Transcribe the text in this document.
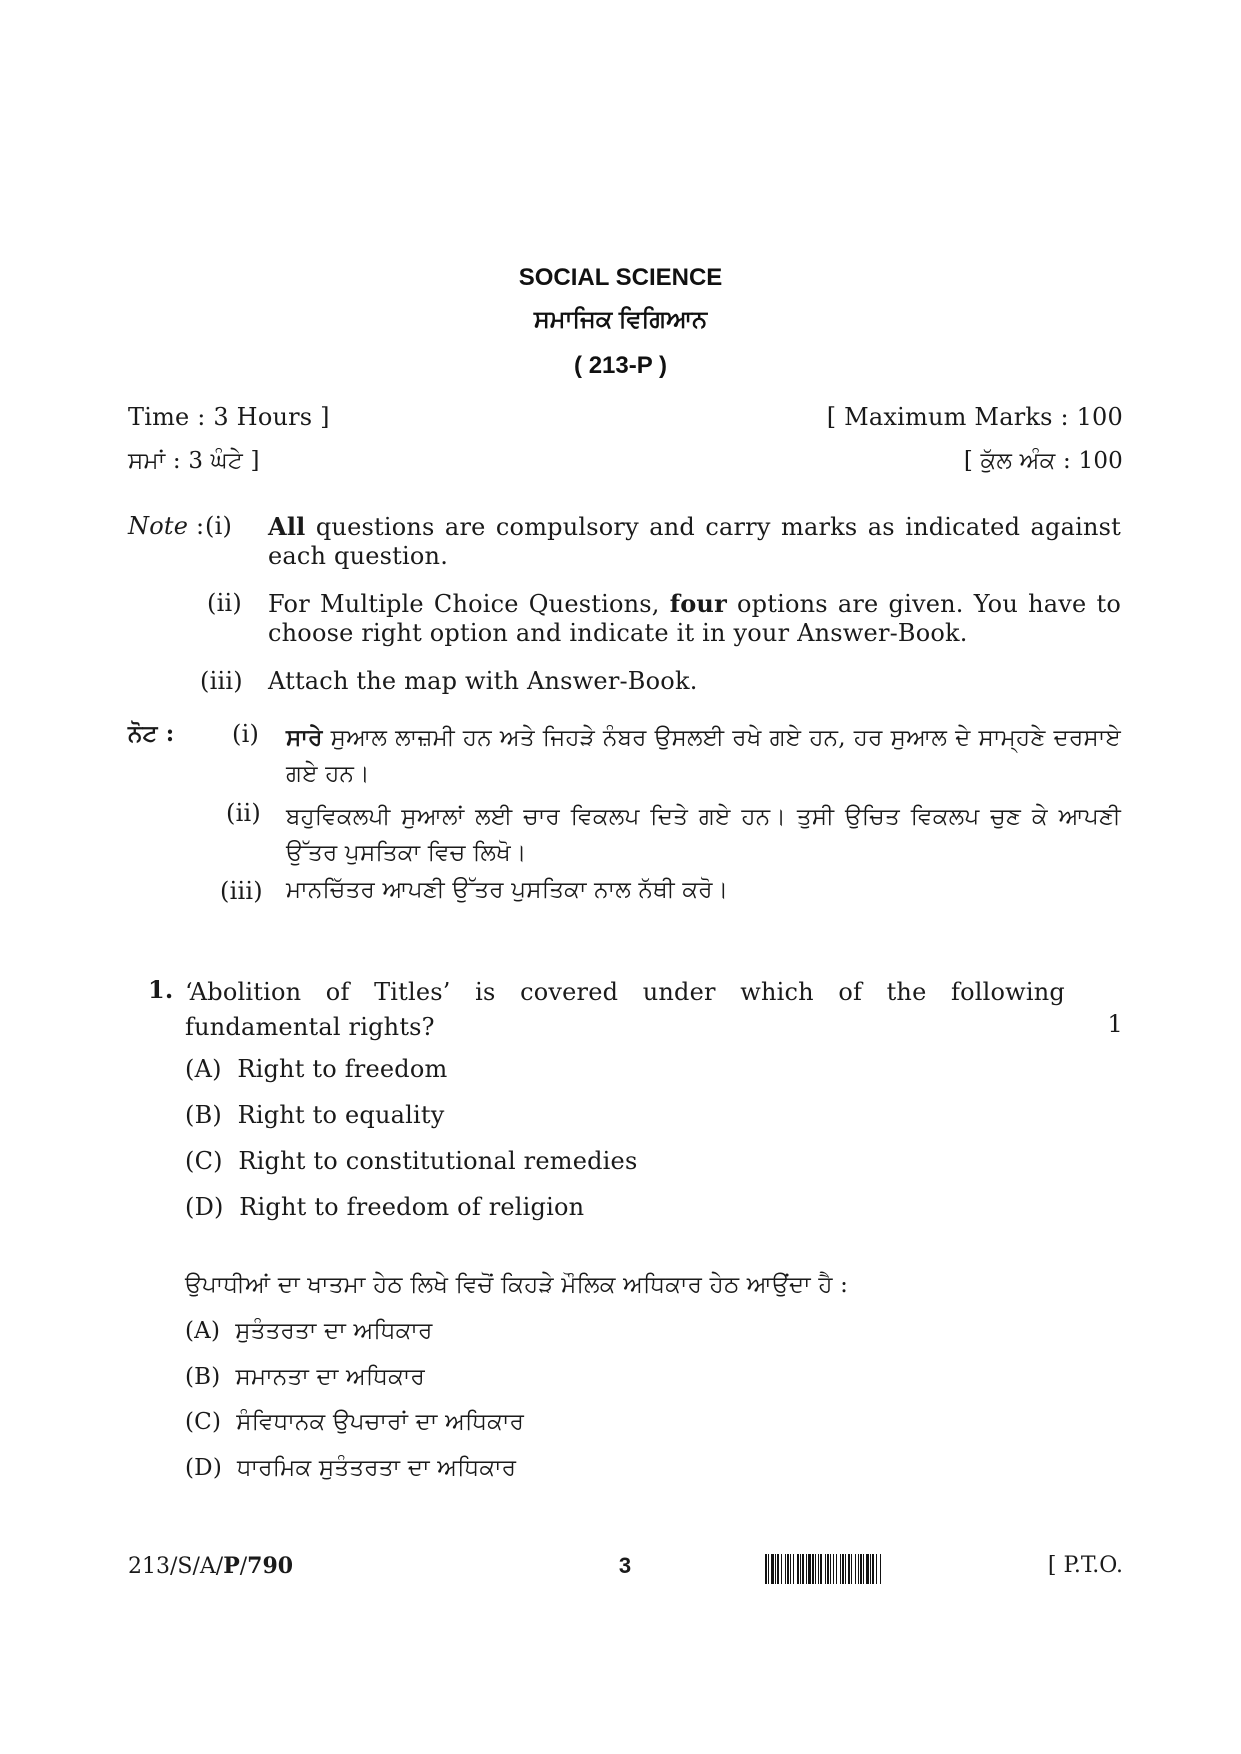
SOCIAL SCIENCE
ਸਮਾਜਿਕ ਵਿਗਿਆਨ
( 213-P )
Time : 3 Hours ]	[ Maximum Marks : 100
ਸਮਾਂ : 3 ਘੰਟੇ ]	[ ਕੁੱਲ ਅੰਕ : 100
Note : (i) All questions are compulsory and carry marks as indicated against each question.
(ii) For Multiple Choice Questions, four options are given. You have to choose right option and indicate it in your Answer-Book.
(iii) Attach the map with Answer-Book.
ਨੋਟ : (i) ਸਾਰੇ ਸੁਆਲ ਲਾਜ਼ਮੀ ਹਨ ਅਤੇ ਜਿਹੜੇ ਨੰਬਰ ਉਸਲਈ ਰਖੇ ਗਏ ਹਨ, ਹਰ ਸੁਆਲ ਦੇ ਸਾਮ੍ਹਣੇ ਦਰਸਾਏ ਗਏ ਹਨ।
(ii) ਬਹੁਵਿਕਲਪੀ ਸੁਆਲਾਂ ਲਈ ਚਾਰ ਵਿਕਲਪ ਦਿਤੇ ਗਏ ਹਨ। ਤੁਸੀ ਉਚਿਤ ਵਿਕਲਪ ਚੁਣ ਕੇ ਆਪਣੀ ਉੱਤਰ ਪੁਸਤਿਕਾ ਵਿਚ ਲਿਖੋ।
(iii) ਮਾਨਚਿੱਤਰ ਆਪਣੀ ਉੱਤਰ ਪੁਸਤਿਕਾ ਨਾਲ ਨੱਥੀ ਕਰੋ।
1. ‘Abolition of Titles’ is covered under which of the following fundamental rights?	1
(A) Right to freedom
(B) Right to equality
(C) Right to constitutional remedies
(D) Right to freedom of religion
ਉਪਾਧੀਆਂ ਦਾ ਖਾਤਮਾ ਹੇਠ ਲਿਖੇ ਵਿਚੋਂ ਕਿਹੜੇ ਮੌਲਿਕ ਅਧਿਕਾਰ ਹੇਠ ਆਉਂਦਾ ਹੈ :
(A) ਸੁਤੰਤਰਤਾ ਦਾ ਅਧਿਕਾਰ
(B) ਸਮਾਨਤਾ ਦਾ ਅਧਿਕਾਰ
(C) ਸੰਵਿਧਾਨਕ ਉਪਚਾਰਾਂ ਦਾ ਅਧਿਕਾਰ
(D) ਧਾਰਮਿਕ ਸੁਤੰਤਰਤਾ ਦਾ ਅਧਿਕਾਰ
213/S/A/P/790	3	[ P.T.O.
